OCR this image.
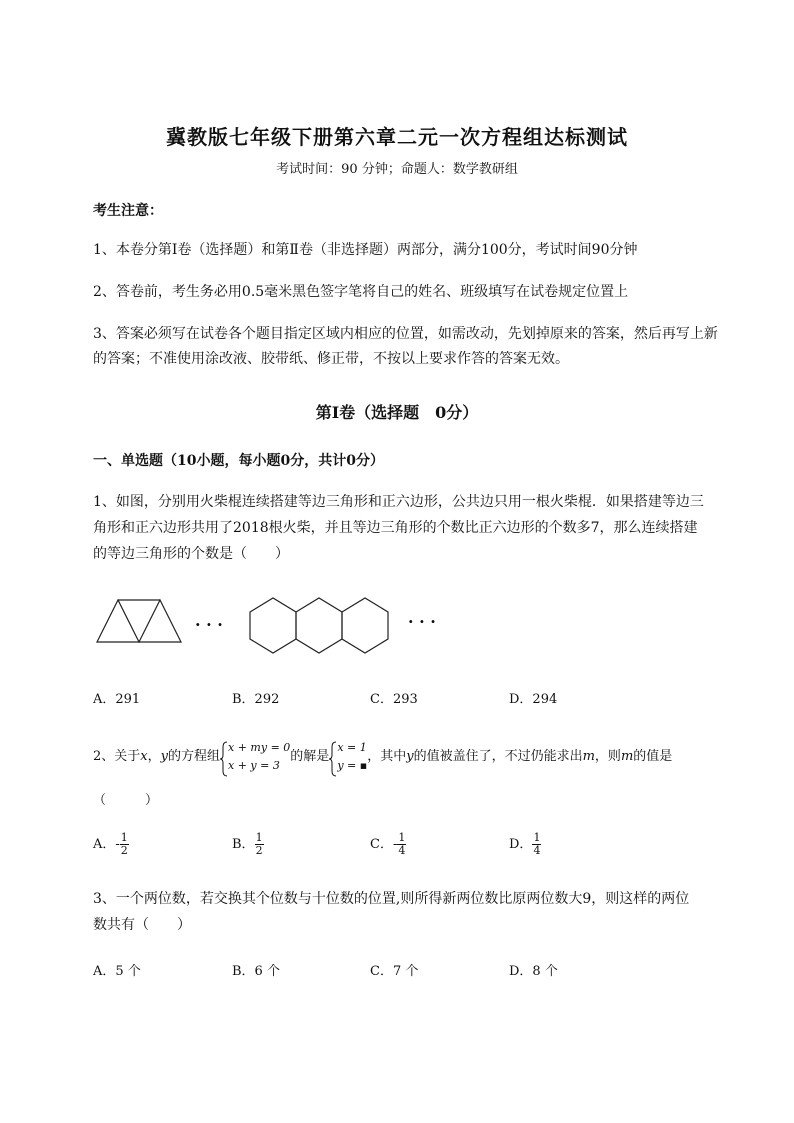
冀教版七年级下册第六章二元一次方程组达标测试
考试时间：90 分钟；命题人：数学教研组
考生注意：
1、本卷分第Ⅰ卷（选择题）和第Ⅱ卷（非选择题）两部分，满分100分，考试时间90分钟
2、答卷前，考生务必用0.5毫米黑色签字笔将自己的姓名、班级填写在试卷规定位置上
3、答案必须写在试卷各个题目指定区域内相应的位置，如需改动，先划掉原来的答案，然后再写上新
的答案；不准使用涂改液、胶带纸、修正带，不按以上要求作答的答案无效。
第Ⅰ卷（选择题　0分）
一、单选题（10小题，每小题0分，共计0分）
1、如图，分别用火柴棍连续搭建等边三角形和正六边形，公共边只用一根火柴棍．如果搭建等边三
角形和正六边形共用了2018根火柴，并且等边三角形的个数比正六边形的个数多7，那么连续搭建
的等边三角形的个数是（　　）
· · ·	· · ·
A．291	B．292	C．293	D．294
2、关于x，y的方程组
x + my = 0
x + y = 3
的解是
x = 1
y = ▪
，其中y的值被盖住了，不过仍能求出m，则m的值是
（　　　）
A．- $\frac{1}{2}$	B． $\frac{1}{2}$	C．- $\frac{1}{4}$	D． $\frac{1}{4}$
3、一个两位数，若交换其个位数与十位数的位置,则所得新两位数比原两位数大9，则这样的两位
数共有（　　）
A．5 个	B．6 个	C．7 个	D．8 个
